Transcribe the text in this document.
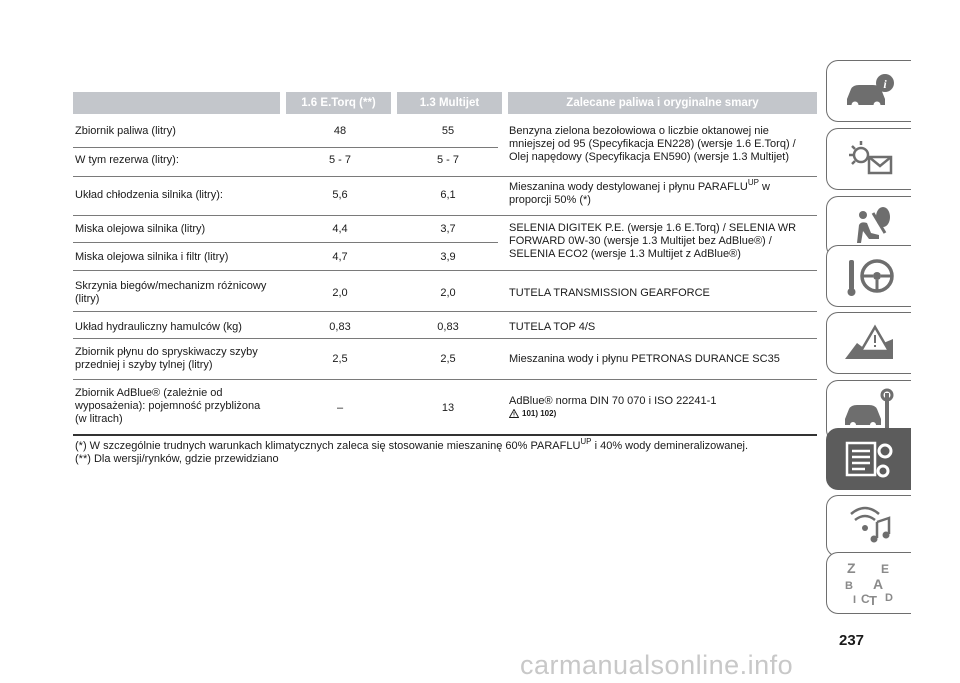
1.6 E.Torq (**)	1.3 Multijet	Zalecane paliwa i oryginalne smary
Zbiornik paliwa (litry)
W tym rezerwa (litry):
Układ chłodzenia silnika (litry):
Miska olejowa silnika (litry)
Miska olejowa silnika i filtr (litry)
Skrzynia biegów/mechanizm różnicowy
(litry)
Układ hydrauliczny hamulców (kg)
Zbiornik płynu do spryskiwaczy szyby
przedniej i szyby tylnej (litry)
Zbiornik AdBlue® (zależnie od
wyposażenia): pojemność przybliżona
(w litrach)
48
5 - 7
5,6
4,4
4,7
2,0
0,83
2,5
–
55
5 - 7
6,1
3,7
3,9
2,0
0,83
2,5
13
Benzyna zielona bezołowiowa o liczbie oktanowej nie
mniejszej od 95 (Specyfikacja EN228) (wersje 1.6 E.Torq) /
Olej napędowy (Specyfikacja EN590) (wersje 1.3 Multijet)
Mieszanina wody destylowanej i płynu $PARAFLU^{UP}$ w
proporcji 50% (*)
SELENIA DIGITEK P.E. (wersje 1.6 E.Torq) / SELENIA WR
FORWARD 0W-30 (wersje 1.3 Multijet bez AdBlue®) /
SELENIA ECO2 (wersje 1.3 Multijet z AdBlue®)
TUTELA TRANSMISSION GEARFORCE
TUTELA TOP 4/S
Mieszanina wody i płynu PETRONAS DURANCE SC35
AdBlue® norma DIN 70 070 i ISO 22241-1
101) 102)
(*) W szczególnie trudnych warunkach klimatycznych zaleca się stosowanie mieszaninę 60% $PARAFLU^{UP}$ i 40% wody demineralizowanej.
(**) Dla wersji/rynków, gdzie przewidziano
i
Z E
B A
I C T D
237
carmanualsonline.info
